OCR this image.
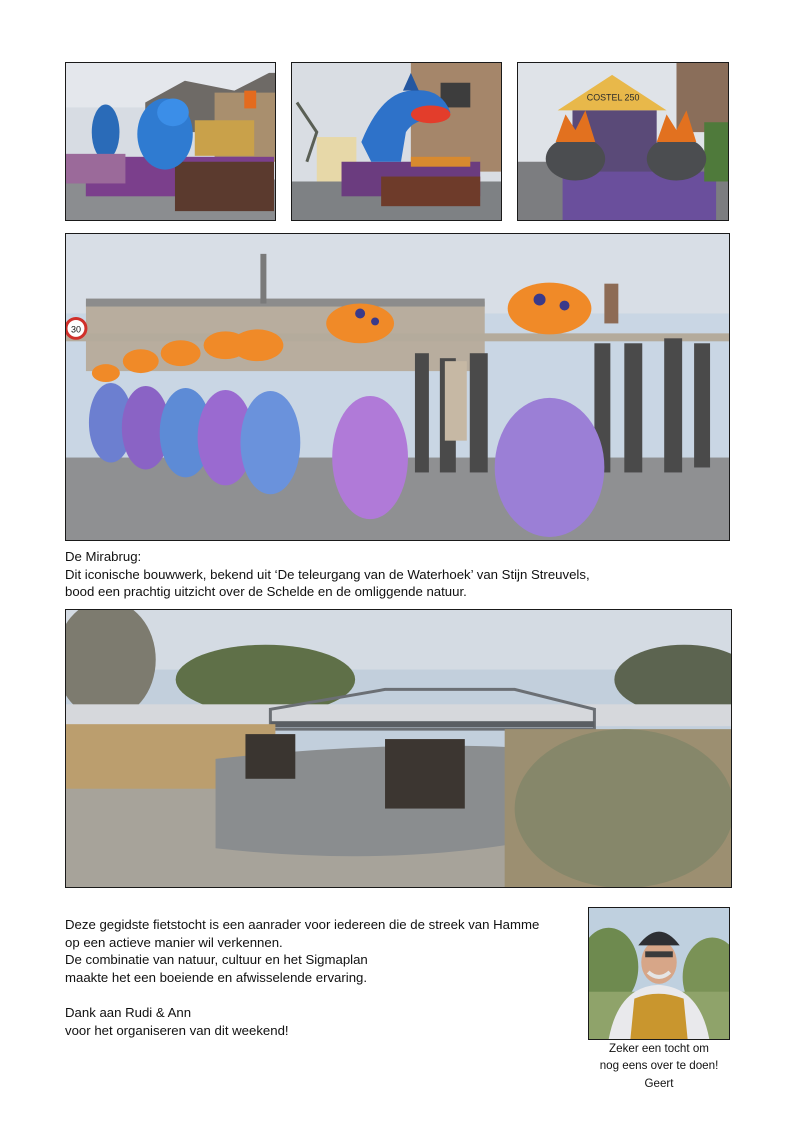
COSTEL 250
30
De Mirabrug:
Dit iconische bouwwerk, bekend uit ‘De teleurgang van de Waterhoek’ van Stijn Streuvels,
bood een prachtig uitzicht over de Schelde en de omliggende natuur.
Deze gegidste fietstocht is een aanrader voor iedereen die de streek van Hamme
op een actieve manier wil verkennen.
De combinatie van natuur, cultuur en het Sigmaplan
maakte het een boeiende en afwisselende ervaring.
Dank aan Rudi & Ann
voor het organiseren van dit weekend!
Zeker een tocht om
nog eens over te doen!
Geert
